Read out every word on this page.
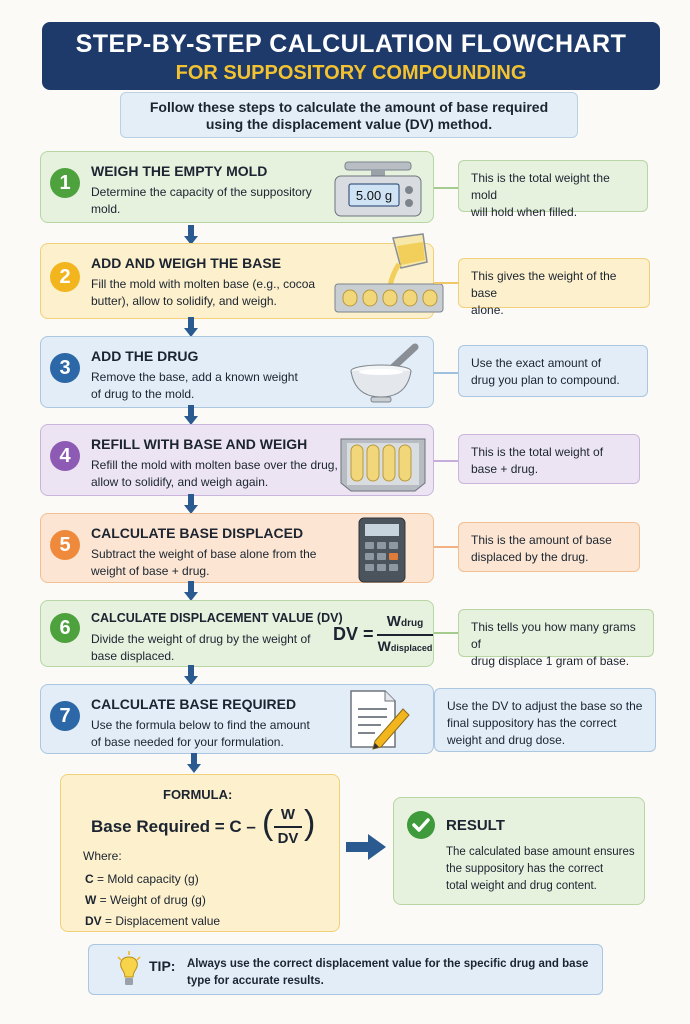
STEP-BY-STEP CALCULATION FLOWCHART
FOR SUPPOSITORY COMPOUNDING
Follow these steps to calculate the amount of base required
using the displacement value (DV) method.
1
WEIGH THE EMPTY MOLD
Determine the capacity of the suppository
mold.
5.00 g
This is the total weight the mold
will hold when filled.
2
ADD AND WEIGH THE BASE
Fill the mold with molten base (e.g., cocoa
butter), allow to solidify, and weigh.
This gives the weight of the base
alone.
3
ADD THE DRUG
Remove the base, add a known weight
of drug to the mold.
Use the exact amount of
drug you plan to compound.
4
REFILL WITH BASE AND WEIGH
Refill the mold with molten base over the drug,
allow to solidify, and weigh again.
This is the total weight of
base + drug.
5
CALCULATE BASE DISPLACED
Subtract the weight of base alone from the
weight of base + drug.
This is the amount of base
displaced by the drug.
6	CALCULATE DISPLACEMENT VALUE (DV)
Divide the weight of drug by the weight of
base displaced.
DV =
Wdrug
Wdisplaced
This tells you how many grams of
drug displace 1 gram of base.
7
CALCULATE BASE REQUIRED
Use the formula below to find the amount
of base needed for your formulation.
Use the DV to adjust the base so the
final suppository has the correct
weight and drug dose.
FORMULA:
Base Required = C – ( W
DV )
Where:
C = Mold capacity (g)
W = Weight of drug (g)
DV = Displacement value
RESULT
The calculated base amount ensures
the suppository has the correct
total weight and drug content.
TIP: Always use the correct displacement value for the specific drug and base
type for accurate results.
